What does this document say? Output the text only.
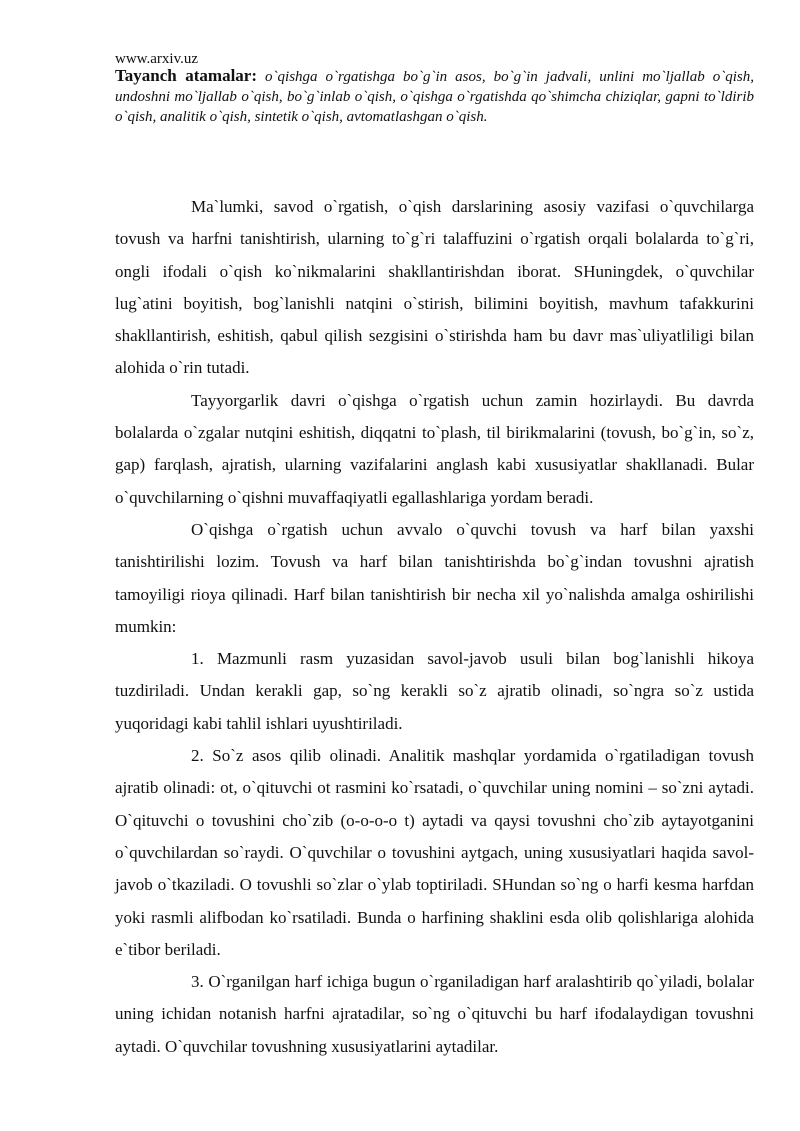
www.arxiv.uz
Tayanch atamalar: o`qishga o`rgatishga bo`g`in asos, bo`g`in jadvali, unlini mo`ljallab o`qish, undoshni mo`ljallab o`qish, bo`g`inlab o`qish, o`qishga o`rgatishda qo`shimcha chiziqlar, gapni to`ldirib o`qish, analitik o`qish, sintetik o`qish, avtomatlashgan o`qish.

Ma`lumki, savod o`rgatish, o`qish darslarining asosiy vazifasi o`quvchilarga tovush va harfni tanishtirish, ularning to`g`ri talaffuzini o`rgatish orqali bolalarda to`g`ri, ongli ifodali o`qish ko`nikmalarini shakllantirishdan iborat. SHuningdek, o`quvchilar lug`atini boyitish, bog`lanishli natqini o`stirish, bilimini boyitish, mavhum tafakkurini shakllantirish, eshitish, qabul qilish sezgisini o`stirishda ham bu davr mas`uliyatliligi bilan alohida o`rin tutadi.

Tayyorgarlik davri o`qishga o`rgatish uchun zamin hozirlaydi. Bu davrda bolalarda o`zgalar nutqini eshitish, diqqatni to`plash, til birikmalarini (tovush, bo`g`in, so`z, gap) farqlash, ajratish, ularning vazifalarini anglash kabi xususiyatlar shakllanadi. Bular o`quvchilarning o`qishni muvaffaqiyatli egallashlariga yordam beradi.

O`qishga o`rgatish uchun avvalo o`quvchi tovush va harf bilan yaxshi tanishtirilishi lozim. Tovush va harf bilan tanishtirishda bo`g`indan tovushni ajratish tamoyiligi rioya qilinadi. Harf bilan tanishtirish bir necha xil yo`nalishda amalga oshirilishi mumkin:

1. Mazmunli rasm yuzasidan savol-javob usuli bilan bog`lanishli hikoya tuzdiriladi. Undan kerakli gap, so`ng kerakli so`z ajratib olinadi, so`ngra so`z ustida yuqoridagi kabi tahlil ishlari uyushtiriladi.

2. So`z asos qilib olinadi. Analitik mashqlar yordamida o`rgatiladigan tovush ajratib olinadi: ot, o`qituvchi ot rasmini ko`rsatadi, o`quvchilar uning nomini – so`zni aytadi. O`qituvchi o tovushini cho`zib (o-o-o-o t) aytadi va qaysi tovushni cho`zib aytayotganini o`quvchilardan so`raydi. O`quvchilar o tovushini aytgach, uning xususiyatlari haqida savol-javob o`tkaziladi. O tovushli so`zlar o`ylab toptiriladi. SHundan so`ng o harfi kesma harfdan yoki rasmli alifbodan ko`rsatiladi. Bunda o harfining shaklini esda olib qolishlariga alohida e`tibor beriladi.

3. O`rganilgan harf ichiga bugun o`rganiladigan harf aralashtirib qo`yiladi, bolalar uning ichidan notanish harfni ajratadilar, so`ng o`qituvchi bu harf ifodalaydigan tovushni aytadi. O`quvchilar tovushning xususiyatlarini aytadilar.
